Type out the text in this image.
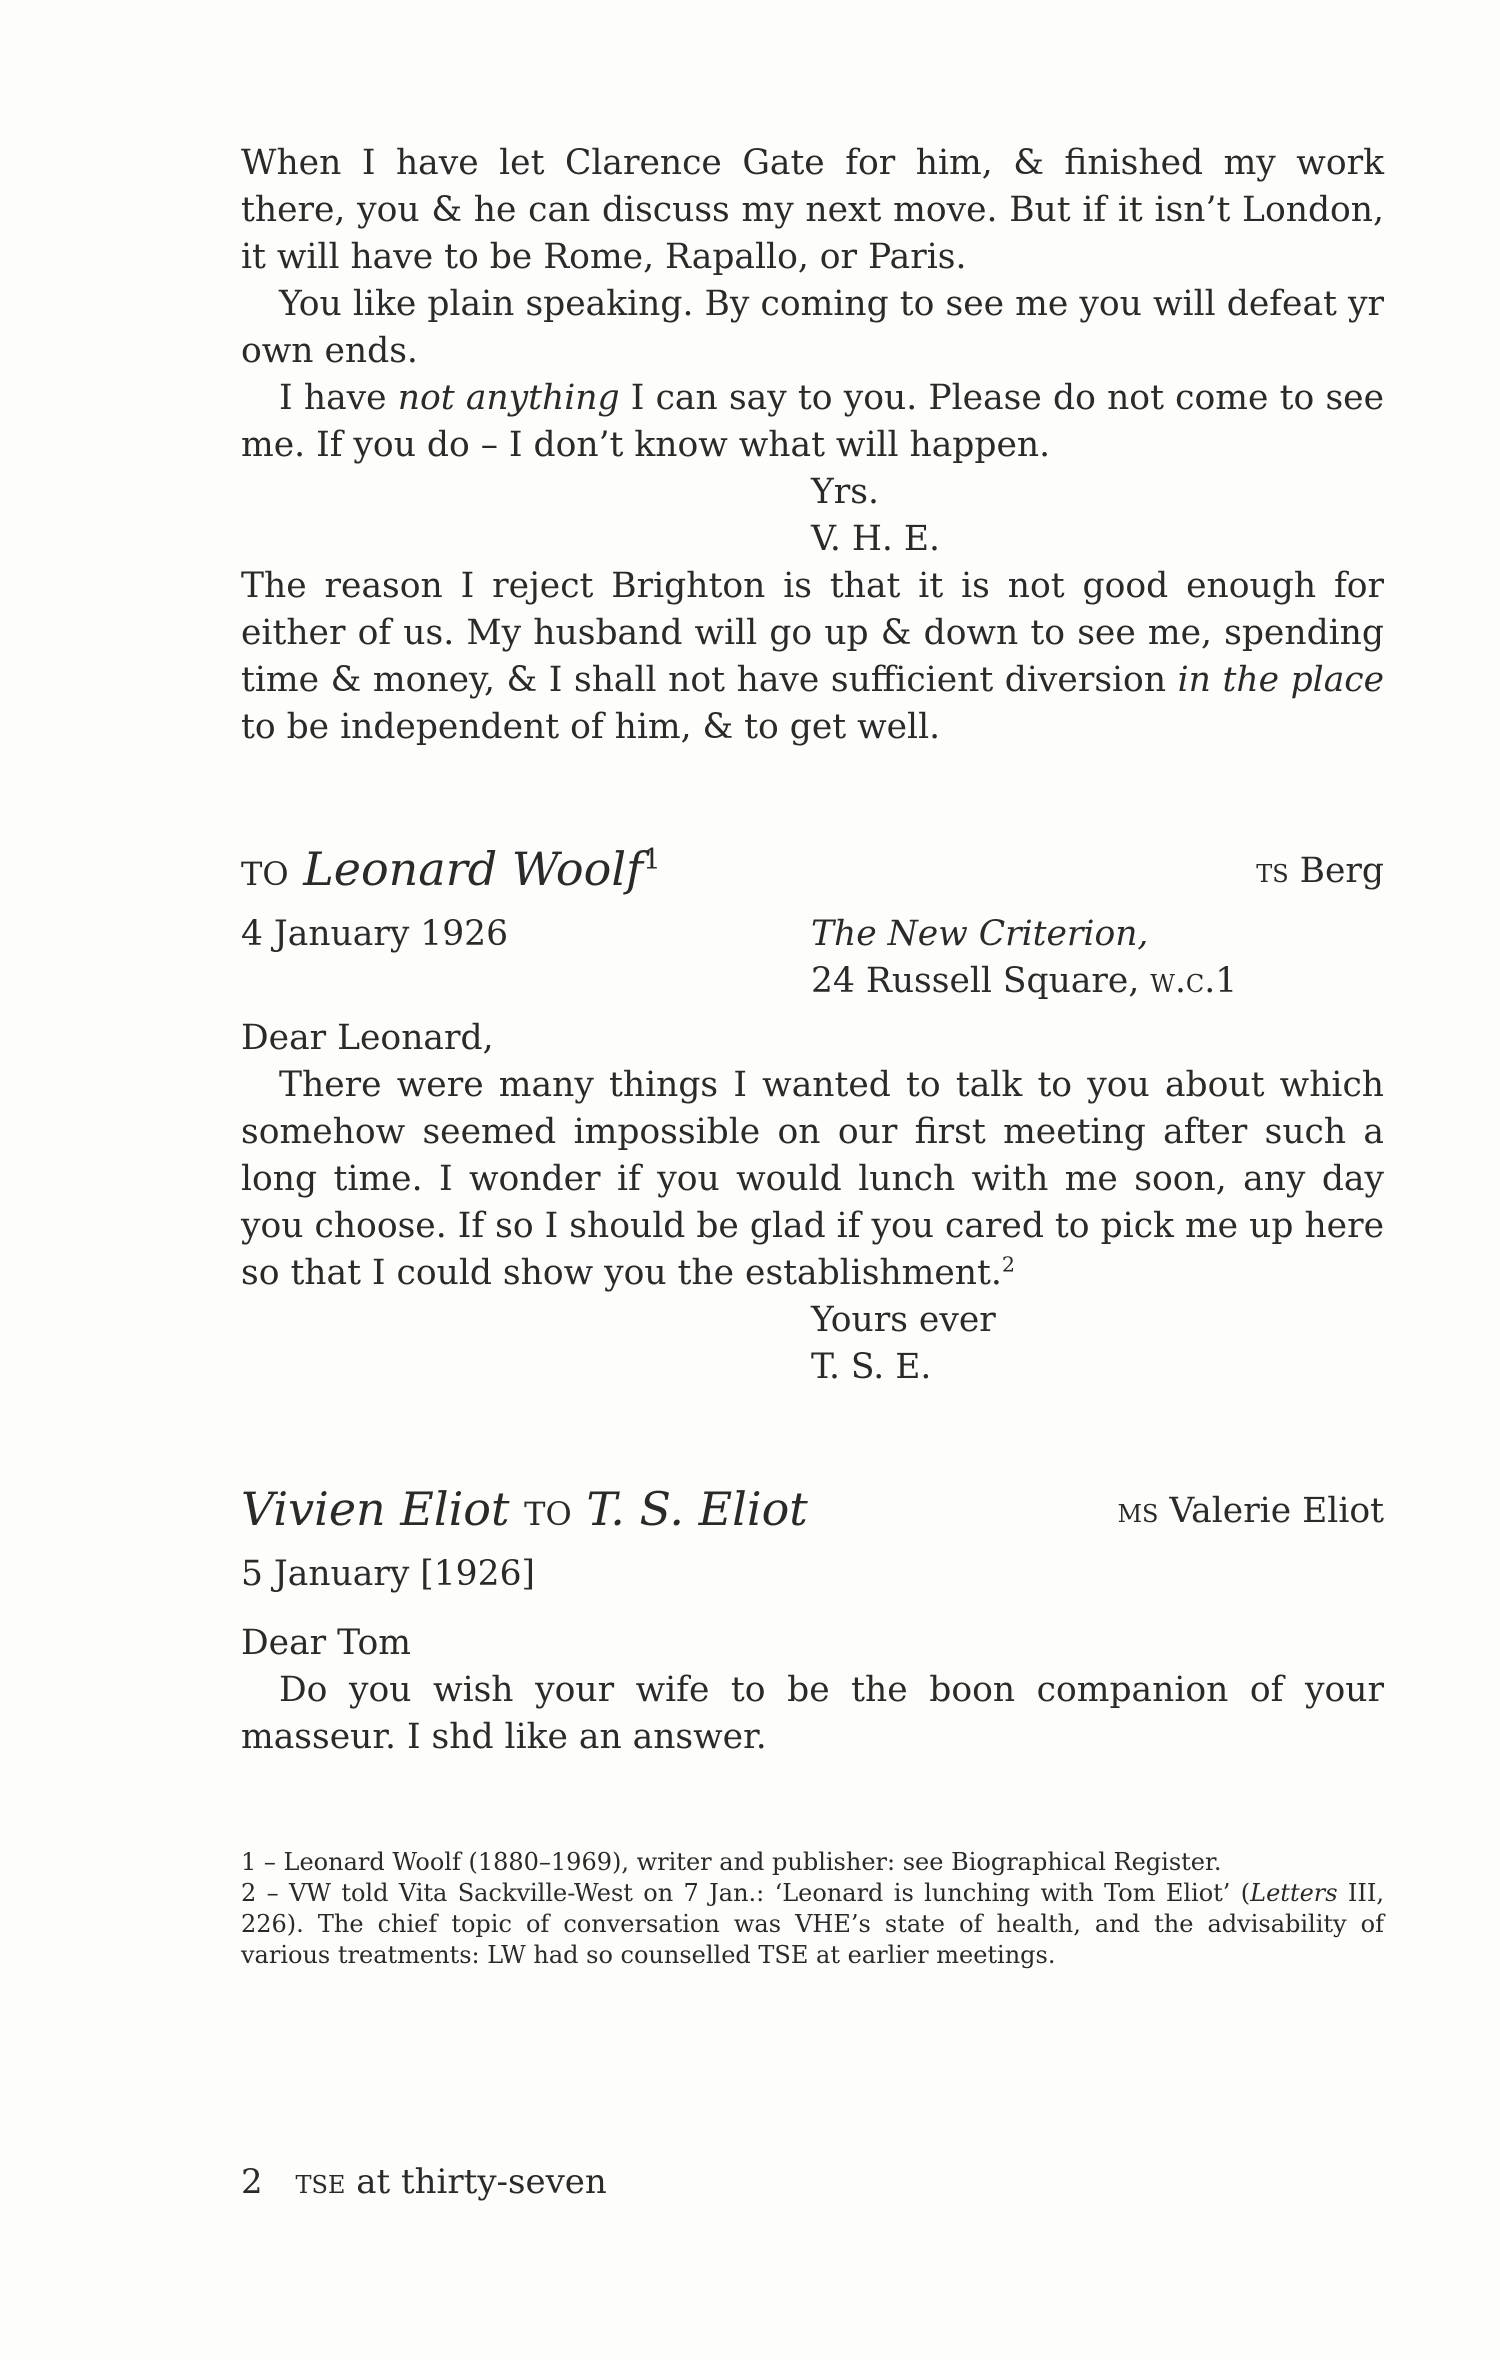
When I have let Clarence Gate for him, & finished my work there, you & he can discuss my next move. But if it isn’t London, it will have to be Rome, Rapallo, or Paris.

You like plain speaking. By coming to see me you will defeat yr own ends.

I have not anything I can say to you. Please do not come to see me. If you do – I don’t know what will happen.

Yrs.

V. H. E.

The reason I reject Brighton is that it is not good enough for either of us. My husband will go up & down to see me, spending time & money, & I shall not have sufficient diversion in the place to be independent of him, & to get well.

to Leonard Woolf$^1$	ts Berg
4 January 1926	The New Criterion,
24 Russell Square, w.c.1

Dear Leonard,

There were many things I wanted to talk to you about which somehow seemed impossible on our first meeting after such a long time. I wonder if you would lunch with me soon, any day you choose. If so I should be glad if you cared to pick me up here so that I could show you the establishment.$^2$

Yours ever

T. S. E.

Vivien Eliot to T. S. Eliot	ms Valerie Eliot
5 January [1926]

Dear Tom

Do you wish your wife to be the boon companion of your masseur. I shd like an answer.

1 – Leonard Woolf (1880–1969), writer and publisher: see Biographical Register.

2 – VW told Vita Sackville-West on 7 Jan.: ‘Leonard is lunching with Tom Eliot’ (Letters III, 226). The chief topic of conversation was VHE’s state of health, and the advisability of various treatments: LW had so counselled TSE at earlier meetings.

2 tse at thirty-seven
